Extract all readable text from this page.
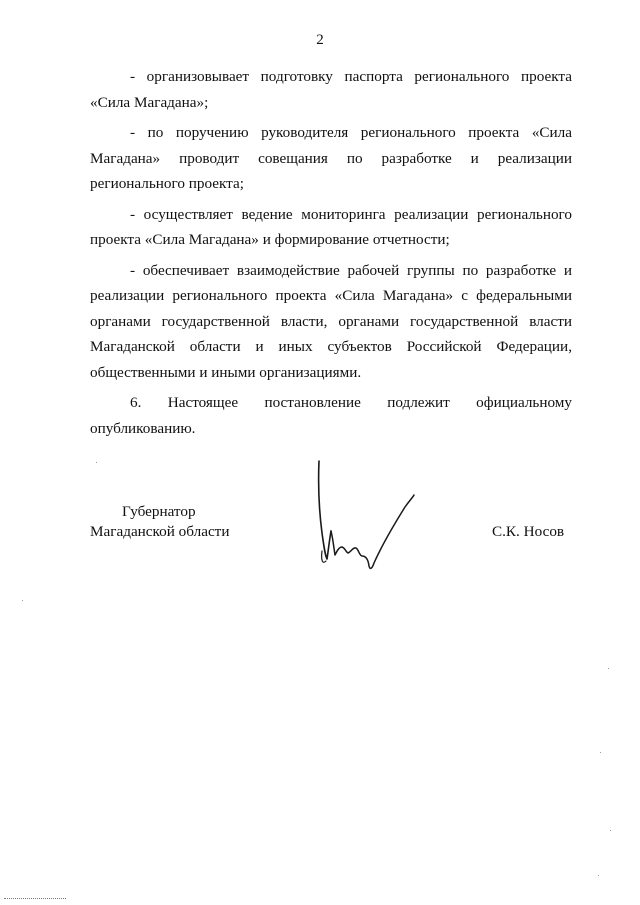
2

- организовывает подготовку паспорта регионального проекта «Сила Магадана»;

- по поручению руководителя регионального проекта «Сила Магадана» проводит совещания по разработке и реализации регионального проекта;

- осуществляет ведение мониторинга реализации регионального проекта «Сила Магадана» и формирование отчетности;

- обеспечивает взаимодействие рабочей группы по разработке и реализации регионального проекта «Сила Магадана» с федеральными органами государственной власти, органами государственной власти Магаданской области и иных субъектов Российской Федерации, общественными и иными организациями.

6. Настоящее постановление подлежит официальному опубликованию.

Губернатор
Магаданской области	С.К. Носов
